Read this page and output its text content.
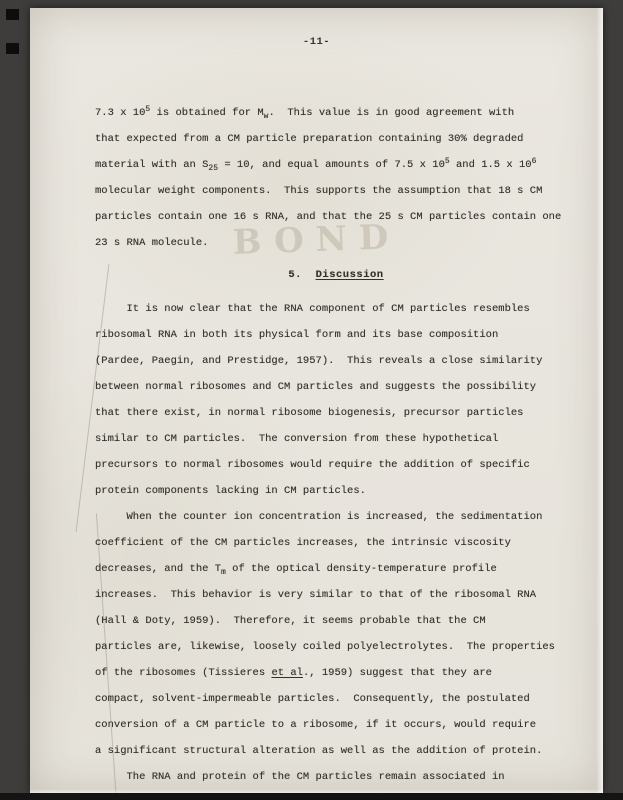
BOND
-11-
7.3 x $10^5$ is obtained for $M_w$.  This value is in good agreement with
that expected from a CM particle preparation containing 30% degraded
material with an $S_{25} = 10$, and equal amounts of 7.5 x $10^5$ and 1.5 x $10^6$
molecular weight components.  This supports the assumption that 18 s CM
particles contain one 16 s RNA, and that the 25 s CM particles contain one
23 s RNA molecule.
5.  Discussion
It is now clear that the RNA component of CM particles resembles
ribosomal RNA in both its physical form and its base composition
(Pardee, Paegin, and Prestidge, 1957).  This reveals a close similarity
between normal ribosomes and CM particles and suggests the possibility
that there exist, in normal ribosome biogenesis, precursor particles
similar to CM particles.  The conversion from these hypothetical
precursors to normal ribosomes would require the addition of specific
protein components lacking in CM particles.
When the counter ion concentration is increased, the sedimentation
coefficient of the CM particles increases, the intrinsic viscosity
decreases, and the $T_m$ of the optical density-temperature profile
increases.  This behavior is very similar to that of the ribosomal RNA
(Hall & Doty, 1959).  Therefore, it seems probable that the CM
particles are, likewise, loosely coiled polyelectrolytes.  The properties
of the ribosomes (Tissieres et al., 1959) suggest that they are
compact, solvent-impermeable particles.  Consequently, the postulated
conversion of a CM particle to a ribosome, if it occurs, would require
a significant structural alteration as well as the addition of protein.
The RNA and protein of the CM particles remain associated in
